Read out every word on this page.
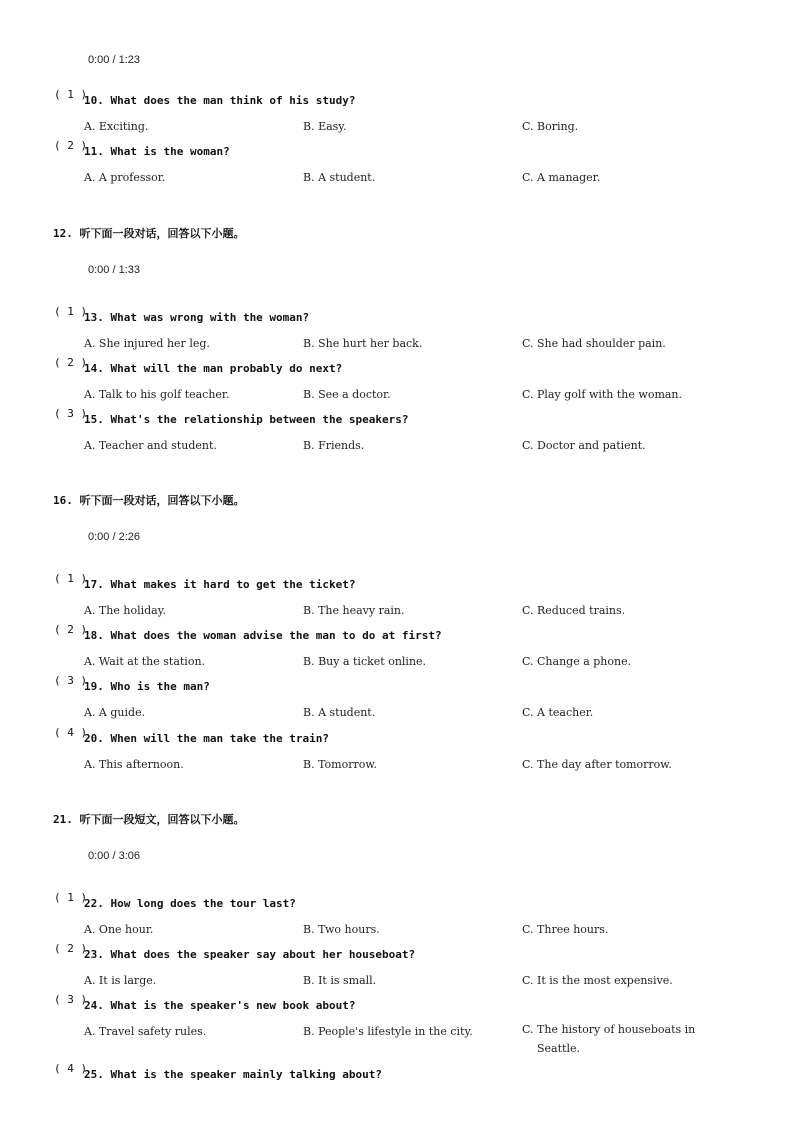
0:00 / 1:23
( 1 )
10. What does the man think of his study?
A. Exciting.	B. Easy.	C. Boring.
( 2 )
11. What is the woman?
A. A professor.	B. A student.	C. A manager.
12. 听下面一段对话，回答以下小题。
0:00 / 1:33
( 1 )
13. What was wrong with the woman?
A. She injured her leg.	B. She hurt her back.	C. She had shoulder pain.
( 2 )
14. What will the man probably do next?
A. Talk to his golf teacher.	B. See a doctor.	C. Play golf with the woman.
( 3 )
15. What's the relationship between the speakers?
A. Teacher and student.	B. Friends.	C. Doctor and patient.
16. 听下面一段对话，回答以下小题。
0:00 / 2:26
( 1 )
17. What makes it hard to get the ticket?
A. The holiday.	B. The heavy rain.	C. Reduced trains.
( 2 )
18. What does the woman advise the man to do at first?
A. Wait at the station.	B. Buy a ticket online.	C. Change a phone.
( 3 )
19. Who is the man?
A. A guide.	B. A student.	C. A teacher.
( 4 )
20. When will the man take the train?
A. This afternoon.	B. Tomorrow.	C. The day after tomorrow.
21. 听下面一段短文，回答以下小题。
0:00 / 3:06
( 1 )
22. How long does the tour last?
A. One hour.	B. Two hours.	C. Three hours.
( 2 )
23. What does the speaker say about her houseboat?
A. It is large.	B. It is small.	C. It is the most expensive.
( 3 )
24. What is the speaker's new book about?
A. Travel safety rules.	B. People's lifestyle in the city.	C. The history of houseboats in
Seattle.
( 4 )
25. What is the speaker mainly talking about?
